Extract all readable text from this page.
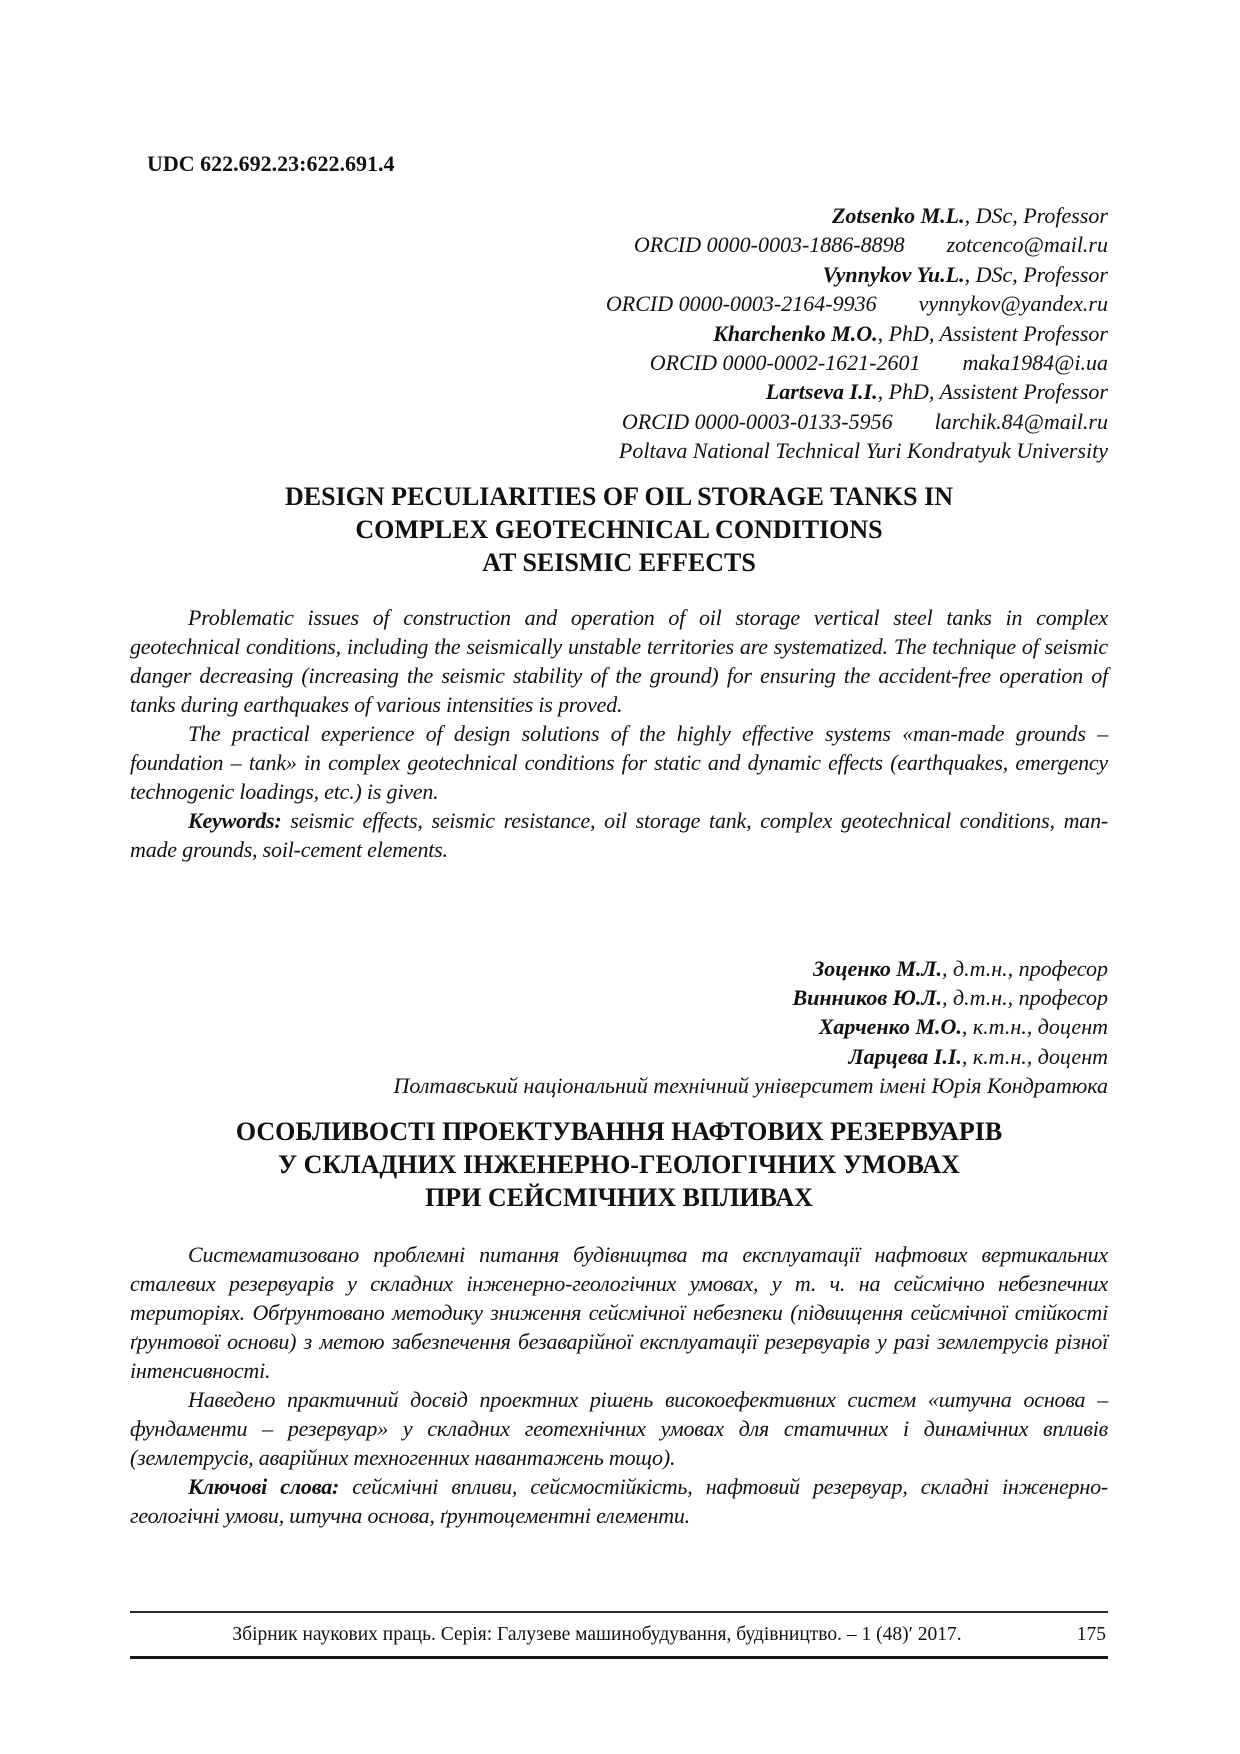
UDC 622.692.23:622.691.4
Zotsenko M.L., DSc, Professor
ORCID 0000-0003-1886-8898 zotcenco@mail.ru
Vynnykov Yu.L., DSc, Professor
ORCID 0000-0003-2164-9936 vynnykov@yandex.ru
Kharchenko M.O., PhD, Assistent Professor
ORCID 0000-0002-1621-2601 maka1984@i.ua
Lartseva I.I., PhD, Assistent Professor
ORCID 0000-0003-0133-5956 larchik.84@mail.ru
Poltava National Technical Yuri Kondratyuk University
DESIGN PECULIARITIES OF OIL STORAGE TANKS IN
COMPLEX GEOTECHNICAL CONDITIONS
AT SEISMIC EFFECTS

Problematic issues of construction and operation of oil storage vertical steel tanks in complex geotechnical conditions, including the seismically unstable territories are systematized. The technique of seismic danger decreasing (increasing the seismic stability of the ground) for ensuring the accident-free operation of tanks during earthquakes of various intensities is proved.

The practical experience of design solutions of the highly effective systems «man-made grounds – foundation – tank» in complex geotechnical conditions for static and dynamic effects (earthquakes, emergency technogenic loadings, etc.) is given.

Keywords: seismic effects, seismic resistance, oil storage tank, complex geotechnical conditions, man-made grounds, soil-cement elements.

Зоценко М.Л., д.т.н., професор
Винников Ю.Л., д.т.н., професор
Харченко М.О., к.т.н., доцент
Ларцева І.І., к.т.н., доцент
Полтавський національний технічний університет імені Юрія Кондратюка
ОСОБЛИВОСТІ ПРОЕКТУВАННЯ НАФТОВИХ РЕЗЕРВУАРІВ
У СКЛАДНИХ ІНЖЕНЕРНО-ГЕОЛОГІЧНИХ УМОВАХ
ПРИ СЕЙСМІЧНИХ ВПЛИВАХ

Систематизовано проблемні питання будівництва та експлуатації нафтових вертикальних сталевих резервуарів у складних інженерно-геологічних умовах, у т. ч. на сейсмічно небезпечних територіях. Обґрунтовано методику зниження сейсмічної небезпеки (підвищення сейсмічної стійкості ґрунтової основи) з метою забезпечення безаварійної експлуатації резервуарів у разі землетрусів різної інтенсивності.

Наведено практичний досвід проектних рішень високоефективних систем «штучна основа – фундаменти – резервуар» у складних геотехнічних умовах для статичних і динамічних впливів (землетрусів, аварійних техногенних навантажень тощо).

Ключові слова: сейсмічні впливи, сейсмостійкість, нафтовий резервуар, складні інженерно-геологічні умови, штучна основа, ґрунтоцементні елементи.

Збірник наукових праць. Серія: Галузеве машинобудування, будівництво. – 1 (48)′ 2017.	175
